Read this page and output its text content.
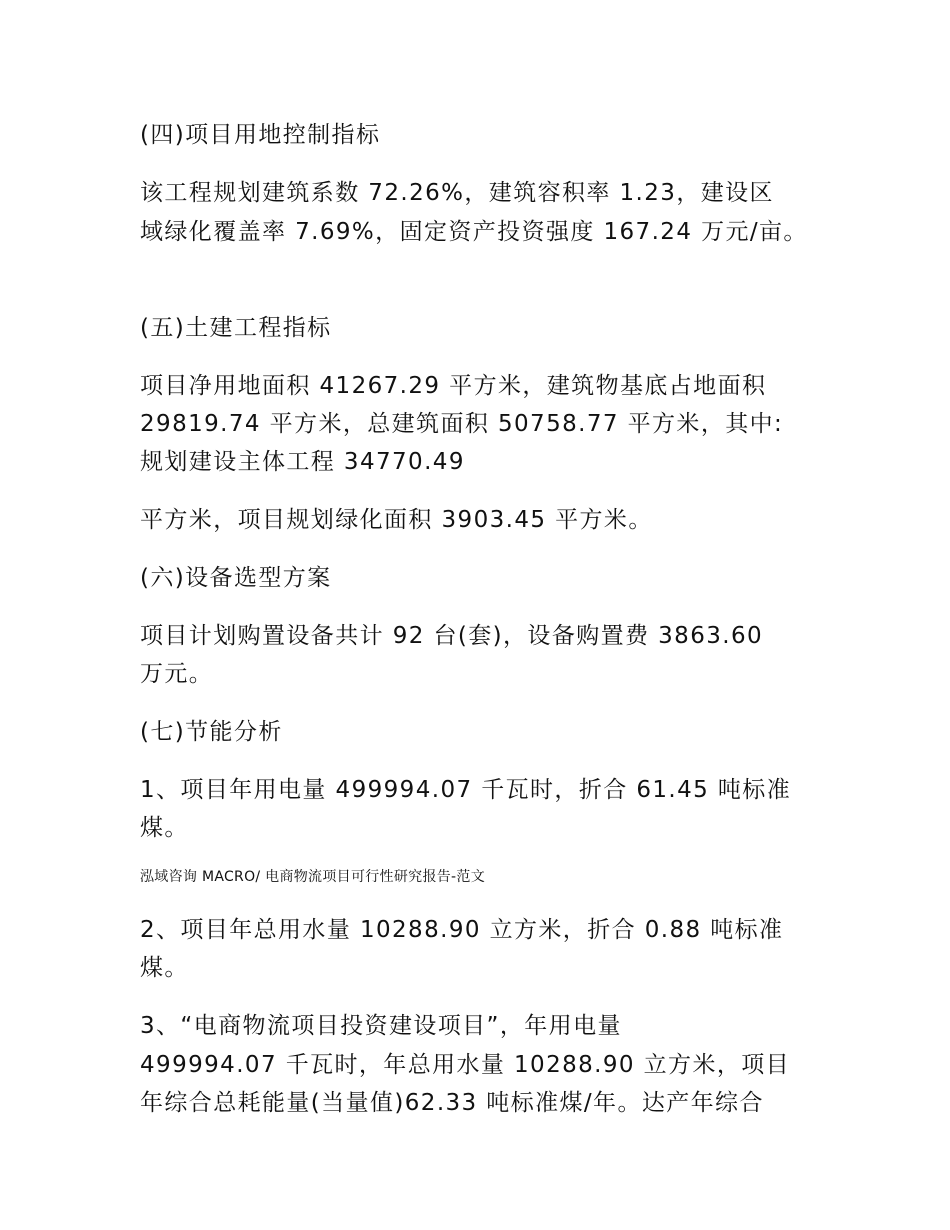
(四)项目用地控制指标

该工程规划建筑系数 72.26%，建筑容积率 1.23，建设区

域绿化覆盖率 7.69%，固定资产投资强度 167.24 万元/亩。

(五)土建工程指标

项目净用地面积 41267.29 平方米，建筑物基底占地面积

29819.74 平方米，总建筑面积 50758.77 平方米，其中:

规划建设主体工程 34770.49

平方米，项目规划绿化面积 3903.45 平方米。

(六)设备选型方案

项目计划购置设备共计 92 台(套)，设备购置费 3863.60

万元。

(七)节能分析

1、项目年用电量 499994.07 千瓦时，折合 61.45 吨标准

煤。

泓域咨询 MACRO/ 电商物流项目可行性研究报告-范文

2、项目年总用水量 10288.90 立方米，折合 0.88 吨标准

煤。

3、“电商物流项目投资建设项目”，年用电量

499994.07 千瓦时，年总用水量 10288.90 立方米，项目

年综合总耗能量(当量值)62.33 吨标准煤/年。达产年综合
